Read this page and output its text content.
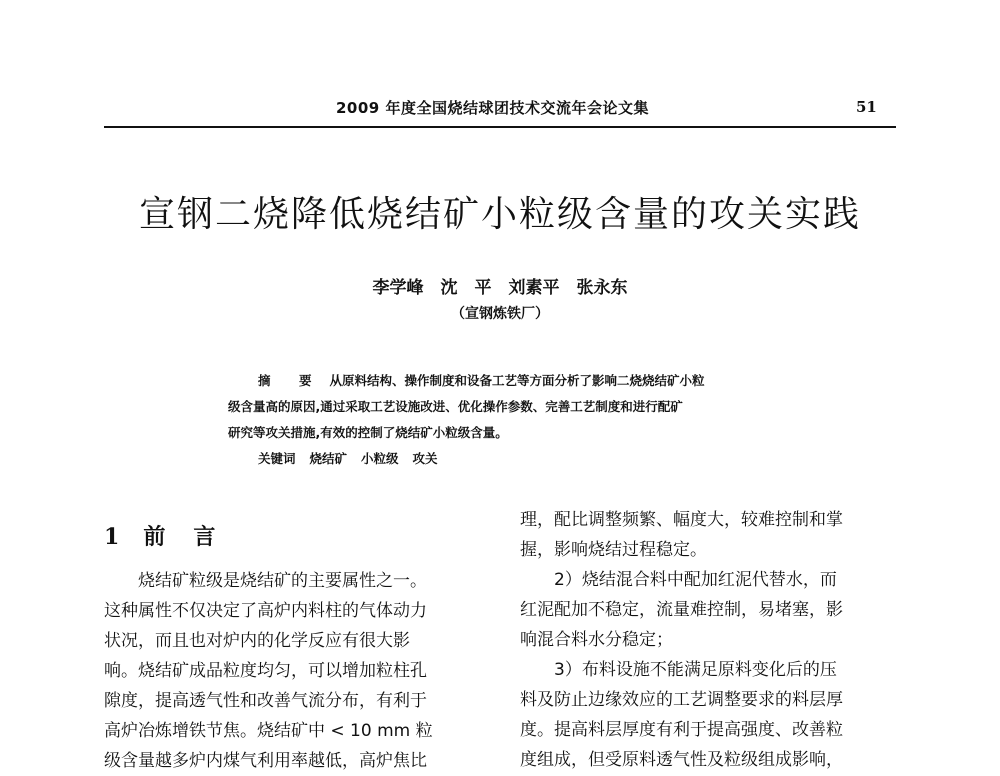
2009 年度全国烧结球团技术交流年会论文集	51
宣钢二烧降低烧结矿小粒级含量的攻关实践
李学峰　沈　平　刘素平　张永东
（宣钢炼铁厂）
摘　要 从原料结构、操作制度和设备工艺等方面分析了影响二烧烧结矿小粒
级含量高的原因,通过采取工艺设施改进、优化操作参数、完善工艺制度和进行配矿
研究等攻关措施,有效的控制了烧结矿小粒级含量。
关键词 烧结矿 小粒级 攻关
1 前言
烧结矿粒级是烧结矿的主要属性之一。
这种属性不仅决定了高炉内料柱的气体动力
状况，而且也对炉内的化学反应有很大影
响。烧结矿成品粒度均匀，可以增加粒柱孔
隙度，提高透气性和改善气流分布，有利于
高炉冶炼增铁节焦。烧结矿中 < 10 mm 粒
级含量越多炉内煤气利用率越低，高炉焦比
理，配比调整频繁、幅度大，较难控制和掌
握，影响烧结过程稳定。
2）烧结混合料中配加红泥代替水，而
红泥配加不稳定，流量难控制，易堵塞，影
响混合料水分稳定；
3）布料设施不能满足原料变化后的压
料及防止边缘效应的工艺调整要求的料层厚
度。提高料层厚度有利于提高强度、改善粒
度组成，但受原料透气性及粒级组成影响，
